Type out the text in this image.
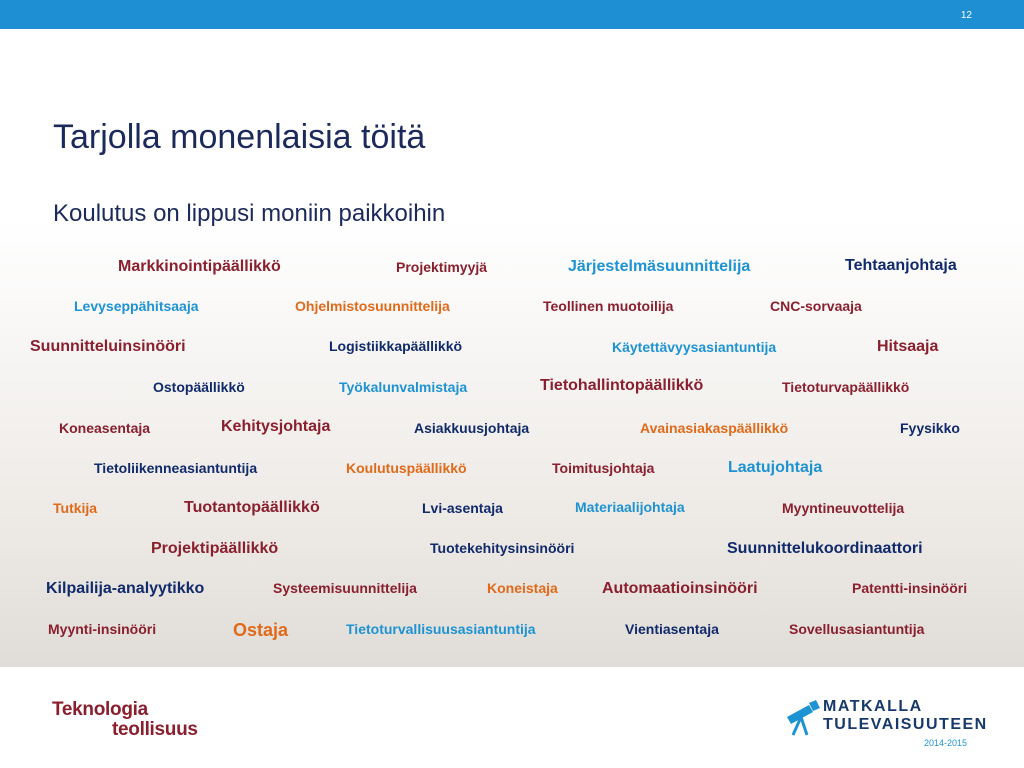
12
Tarjolla monenlaisia töitä
Koulutus on lippusi moniin paikkoihin
Markkinointipäällikkö	Projektimyyjä	Järjestelmäsuunnittelija	Tehtaanjohtaja
Levyseppähitsaaja	Ohjelmistosuunnittelija	Teollinen muotoilija	CNC-sorvaaja
Suunnitteluinsinööri	Logistiikkapäällikkö	Käytettävyysasiantuntija	Hitsaaja
Ostopäällikkö	Työkalunvalmistaja	Tietohallintopäällikkö	Tietoturvapäällikkö
Koneasentaja	Kehitysjohtaja	Asiakkuusjohtaja	Avainasiakaspäällikkö	Fyysikko
Tietoliikenneasiantuntija	Koulutuspäällikkö	Toimitusjohtaja	Laatujohtaja
Tutkija	Tuotantopäällikkö	Lvi-asentaja	Materiaalijohtaja	Myyntineuvottelija
Projektipäällikkö	Tuotekehitysinsinööri	Suunnittelukoordinaattori
Kilpailija-analyytikko	Systeemisuunnittelija	Koneistaja	Automaatioinsinööri	Patentti-insinööri
Myynti-insinööri	Ostaja	Tietoturvallisuusasiantuntija	Vientiasentaja	Sovellusasiantuntija
Teknologia
teollisuus
MATKALLA
TULEVAISUUTEEN
2014-2015
